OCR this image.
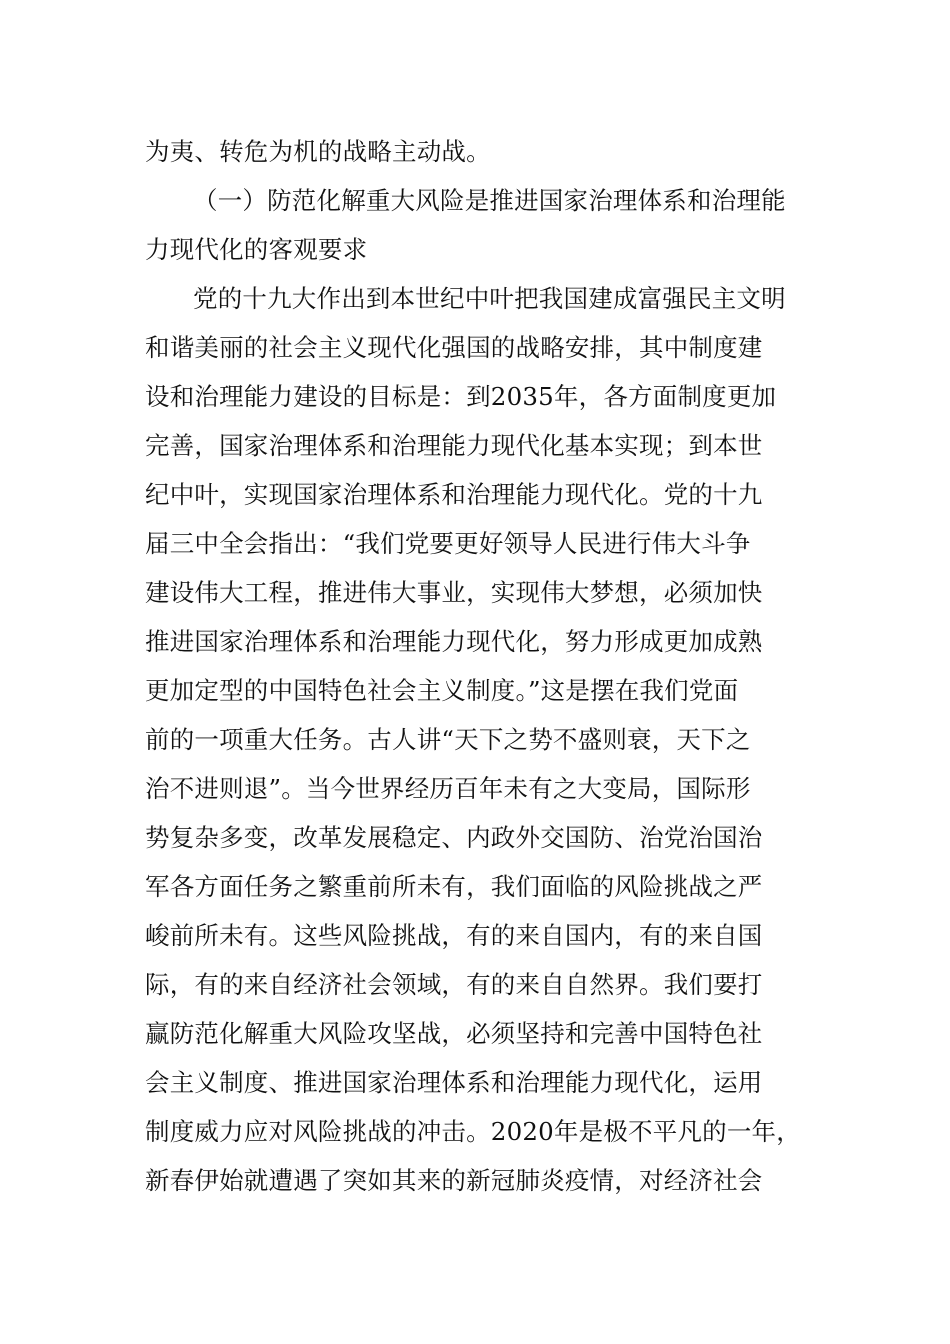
为夷、转危为机的战略主动战。
（一）防范化解重大风险是推进国家治理体系和治理能
力现代化的客观要求
党的十九大作出到本世纪中叶把我国建成富强民主文明
和谐美丽的社会主义现代化强国的战略安排，其中制度建
设和治理能力建设的目标是：到2035年，各方面制度更加
完善，国家治理体系和治理能力现代化基本实现；到本世
纪中叶，实现国家治理体系和治理能力现代化。党的十九
届三中全会指出：“我们党要更好领导人民进行伟大斗争
建设伟大工程，推进伟大事业，实现伟大梦想，必须加快
推进国家治理体系和治理能力现代化，努力形成更加成熟
更加定型的中国特色社会主义制度。”这是摆在我们党面
前的一项重大任务。古人讲“天下之势不盛则衰，天下之
治不进则退”。当今世界经历百年未有之大变局，国际形
势复杂多变，改革发展稳定、内政外交国防、治党治国治
军各方面任务之繁重前所未有，我们面临的风险挑战之严
峻前所未有。这些风险挑战，有的来自国内，有的来自国
际，有的来自经济社会领域，有的来自自然界。我们要打
赢防范化解重大风险攻坚战，必须坚持和完善中国特色社
会主义制度、推进国家治理体系和治理能力现代化，运用
制度威力应对风险挑战的冲击。2020年是极不平凡的一年，
新春伊始就遭遇了突如其来的新冠肺炎疫情，对经济社会
